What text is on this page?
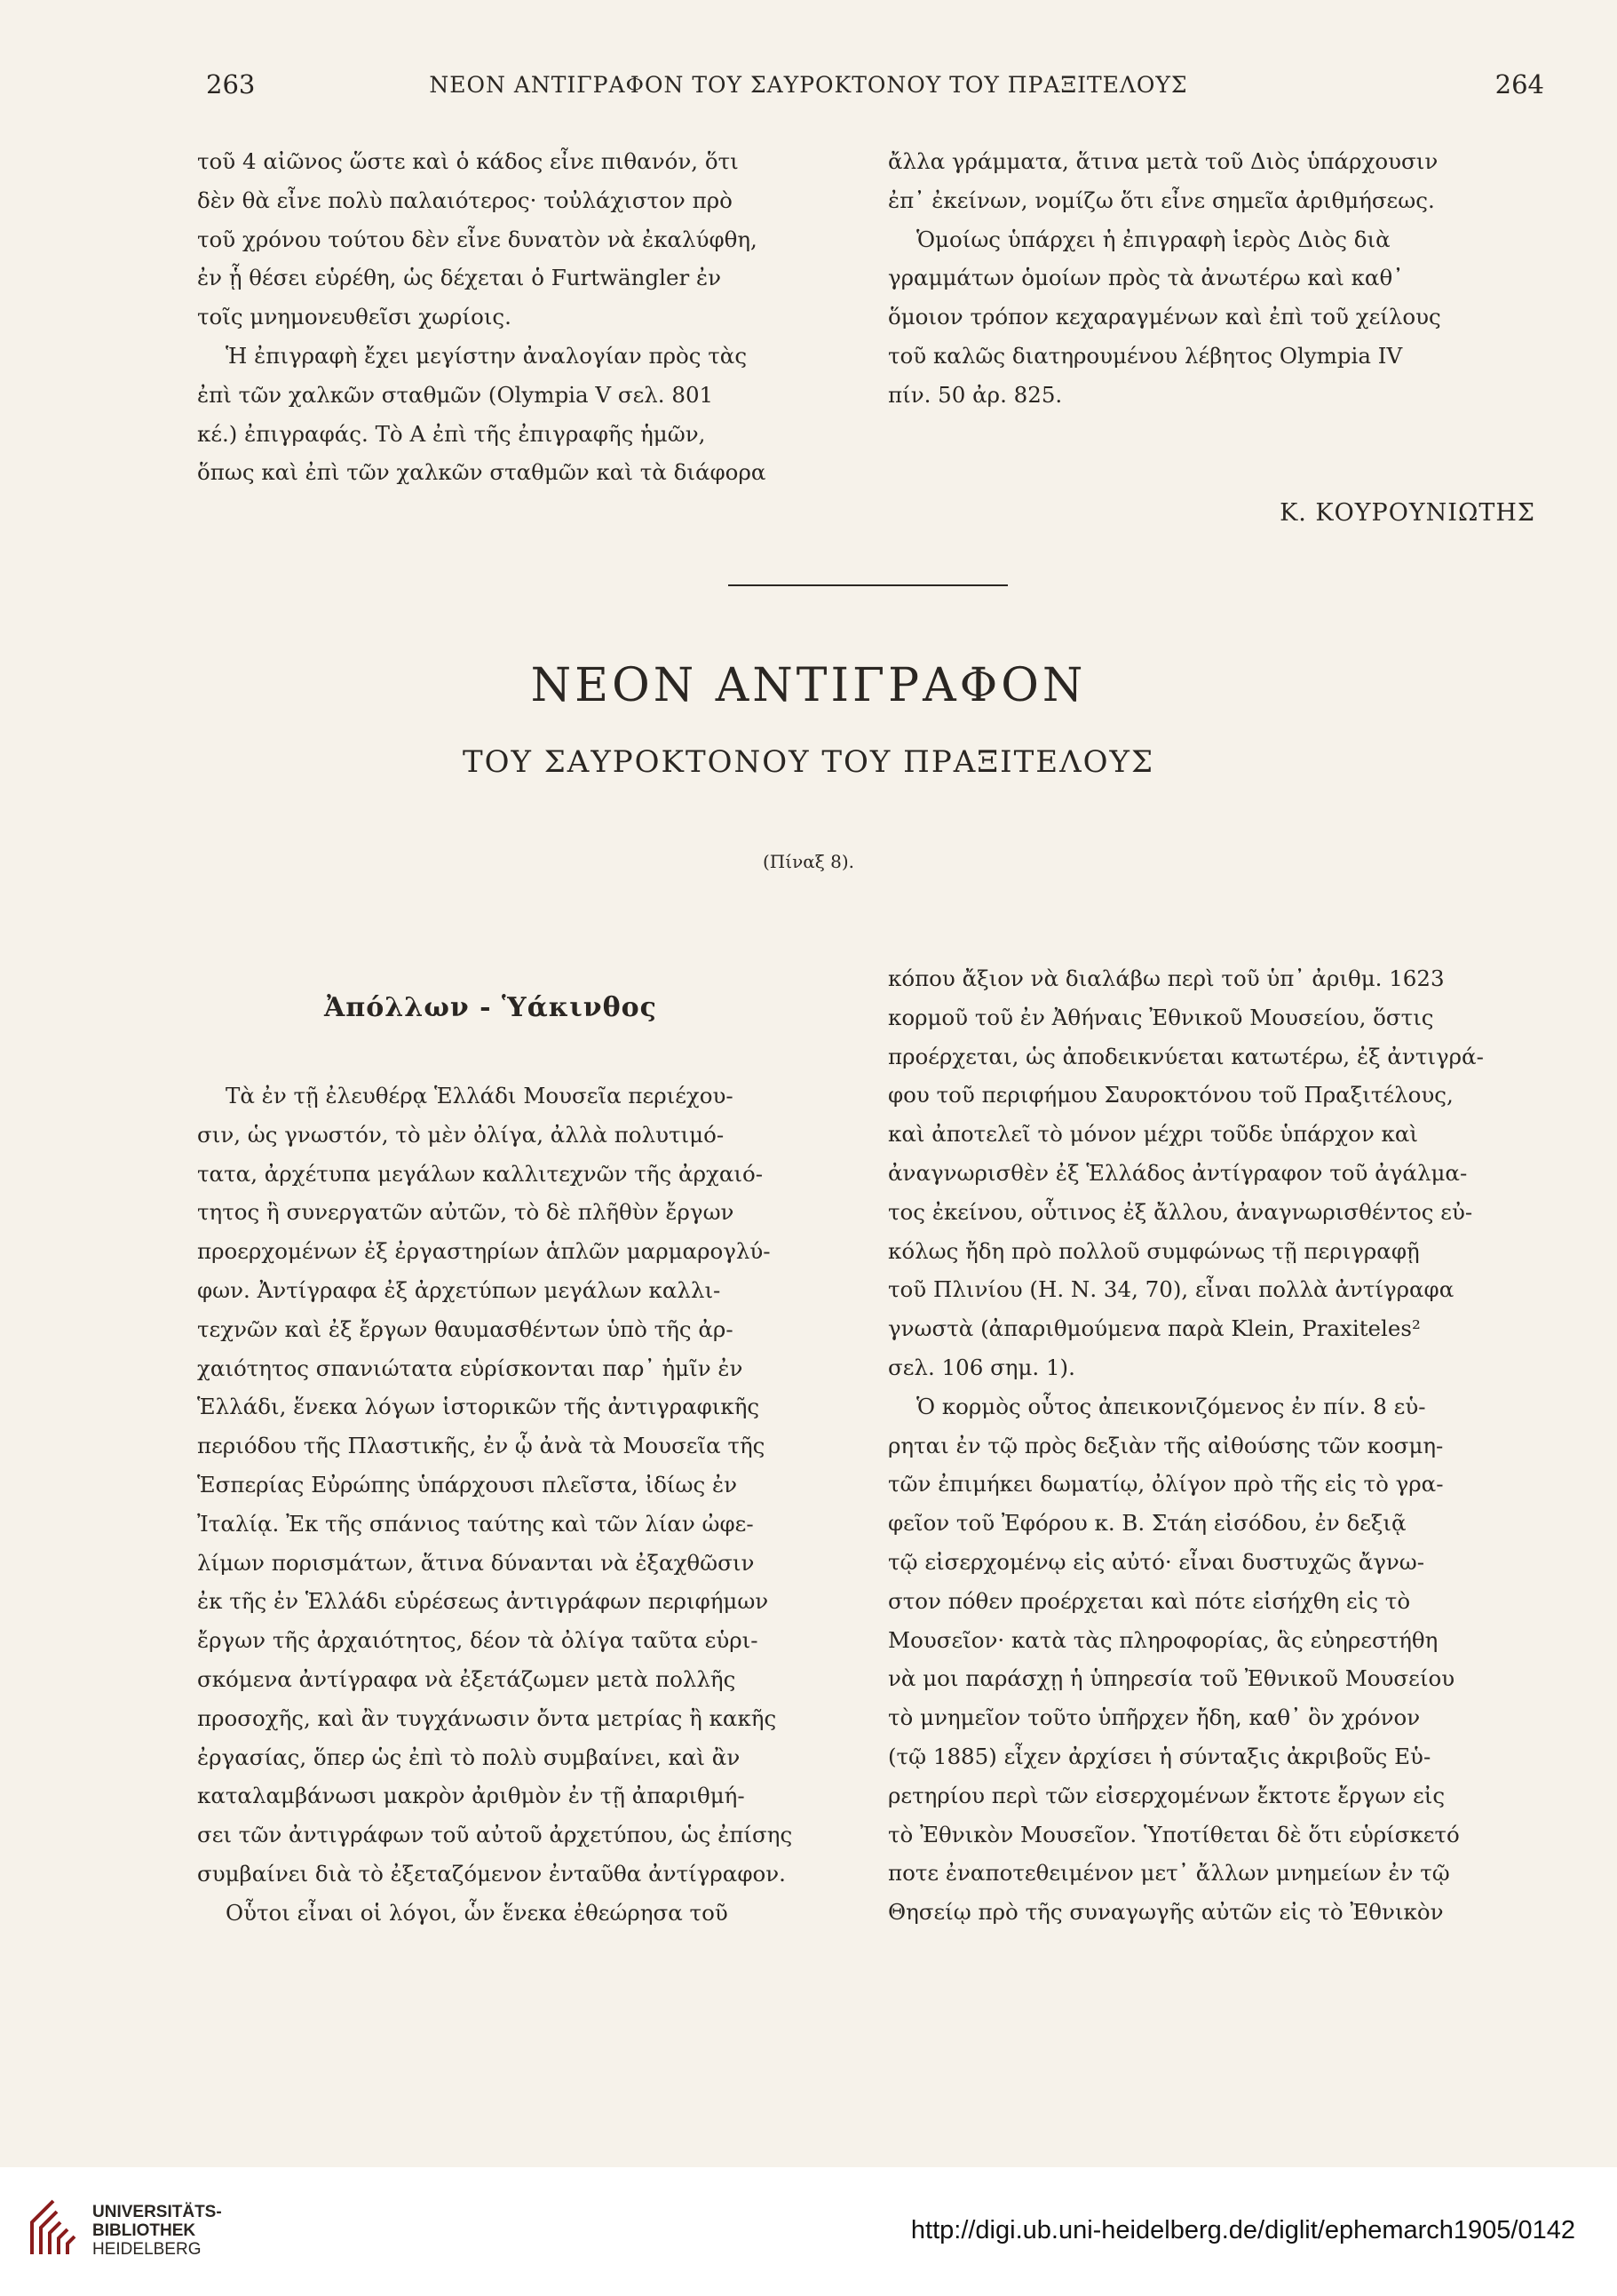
263	ΝΕΟΝ ΑΝΤΙΓΡΑΦΟΝ ΤΟΥ ΣΑΥΡΟΚΤΟΝΟΥ ΤΟΥ ΠΡΑΞΙΤΕΛΟΥΣ	264

τοῦ 4 αἰῶνος ὥστε καὶ ὁ κάδος εἶνε πιθανόν, ὅτι

δὲν θὰ εἶνε πολὺ παλαιότερος· τοὐλάχιστον πρὸ

τοῦ χρόνου τούτου δὲν εἶνε δυνατὸν νὰ ἐκαλύφθη,

ἐν ᾗ θέσει εὑρέθη, ὡς δέχεται ὁ Furtwängler ἐν

τοῖς μνημονευθεῖσι χωρίοις.

Ἡ ἐπιγραφὴ ἔχει μεγίστην ἀναλογίαν πρὸς τὰς

ἐπὶ τῶν χαλκῶν σταθμῶν (Olympia V σελ. 801

κέ.) ἐπιγραφάς. Τὸ Α ἐπὶ τῆς ἐπιγραφῆς ἡμῶν,

ὅπως καὶ ἐπὶ τῶν χαλκῶν σταθμῶν καὶ τὰ διάφορα

ἄλλα γράμματα, ἅτινα μετὰ τοῦ Διὸς ὑπάρχουσιν

ἐπ᾿ ἐκείνων, νομίζω ὅτι εἶνε σημεῖα ἀριθμήσεως.

Ὁμοίως ὑπάρχει ἡ ἐπιγραφὴ ἱερὸς Διὸς διὰ

γραμμάτων ὁμοίων πρὸς τὰ ἀνωτέρω καὶ καθ᾿

ὅμοιον τρόπον κεχαραγμένων καὶ ἐπὶ τοῦ χείλους

τοῦ καλῶς διατηρουμένου λέβητος Olympia IV

πίν. 50 ἀρ. 825.

Κ. ΚΟΥΡΟΥΝΙΩΤΗΣ
ΝΕΟΝ ΑΝΤΙΓΡΑΦΟΝ
ΤΟΥ ΣΑΥΡΟΚΤΟΝΟΥ ΤΟΥ ΠΡΑΞΙΤΕΛΟΥΣ
(Πίναξ 8).
Ἀπόλλων - Ὑάκινθος

Τὰ ἐν τῇ ἐλευθέρᾳ Ἑλλάδι Μουσεῖα περιέχου-

σιν, ὡς γνωστόν, τὸ μὲν ὀλίγα, ἀλλὰ πολυτιμό-

τατα, ἀρχέτυπα μεγάλων καλλιτεχνῶν τῆς ἀρχαιό-

τητος ἢ συνεργατῶν αὐτῶν, τὸ δὲ πλῆθὺν ἔργων

προερχομένων ἐξ ἐργαστηρίων ἁπλῶν μαρμαρογλύ-

φων. Ἀντίγραφα ἐξ ἀρχετύπων μεγάλων καλλι-

τεχνῶν καὶ ἐξ ἔργων θαυμασθέντων ὑπὸ τῆς ἀρ-

χαιότητος σπανιώτατα εὑρίσκονται παρ᾿ ἡμῖν ἐν

Ἑλλάδι, ἕνεκα λόγων ἱστορικῶν τῆς ἀντιγραφικῆς

περιόδου τῆς Πλαστικῆς, ἐν ᾧ ἀνὰ τὰ Μουσεῖα τῆς

Ἑσπερίας Εὐρώπης ὑπάρχουσι πλεῖστα, ἰδίως ἐν

Ἰταλίᾳ. Ἐκ τῆς σπάνιος ταύτης καὶ τῶν λίαν ὠφε-

λίμων πορισμάτων, ἅτινα δύνανται νὰ ἐξαχθῶσιν

ἐκ τῆς ἐν Ἑλλάδι εὑρέσεως ἀντιγράφων περιφήμων

ἔργων τῆς ἀρχαιότητος, δέον τὰ ὀλίγα ταῦτα εὑρι-

σκόμενα ἀντίγραφα νὰ ἐξετάζωμεν μετὰ πολλῆς

προσοχῆς, καὶ ἂν τυγχάνωσιν ὄντα μετρίας ἢ κακῆς

ἐργασίας, ὅπερ ὡς ἐπὶ τὸ πολὺ συμβαίνει, καὶ ἂν

καταλαμβάνωσι μακρὸν ἀριθμὸν ἐν τῇ ἀπαριθμή-

σει τῶν ἀντιγράφων τοῦ αὐτοῦ ἀρχετύπου, ὡς ἐπίσης

συμβαίνει διὰ τὸ ἐξεταζόμενον ἐνταῦθα ἀντίγραφον.

Οὗτοι εἶναι οἱ λόγοι, ὧν ἕνεκα ἐθεώρησα τοῦ

κόπου ἄξιον νὰ διαλάβω περὶ τοῦ ὑπ᾿ ἀριθμ. 1623

κορμοῦ τοῦ ἐν Ἀθήναις Ἐθνικοῦ Μουσείου, ὅστις

προέρχεται, ὡς ἀποδεικνύεται κατωτέρω, ἐξ ἀντιγρά-

φου τοῦ περιφήμου Σαυροκτόνου τοῦ Πραξιτέλους,

καὶ ἀποτελεῖ τὸ μόνον μέχρι τοῦδε ὑπάρχον καὶ

ἀναγνωρισθὲν ἐξ Ἑλλάδος ἀντίγραφον τοῦ ἀγάλμα-

τος ἐκείνου, οὗτινος ἐξ ἄλλου, ἀναγνωρισθέντος εὐ-

κόλως ἤδη πρὸ πολλοῦ συμφώνως τῇ περιγραφῇ

τοῦ Πλινίου (Η. Ν. 34, 70), εἶναι πολλὰ ἀντίγραφα

γνωστὰ (ἀπαριθμούμενα παρὰ Klein, Praxiteles²

σελ. 106 σημ. 1).

Ὁ κορμὸς οὗτος ἀπεικονιζόμενος ἐν πίν. 8 εὑ-

ρηται ἐν τῷ πρὸς δεξιὰν τῆς αἰθούσης τῶν κοσμη-

τῶν ἐπιμήκει δωματίῳ, ὀλίγον πρὸ τῆς εἰς τὸ γρα-

φεῖον τοῦ Ἐφόρου κ. Β. Στάη εἰσόδου, ἐν δεξιᾷ

τῷ εἰσερχομένῳ εἰς αὐτό· εἶναι δυστυχῶς ἄγνω-

στον πόθεν προέρχεται καὶ πότε εἰσήχθη εἰς τὸ

Μουσεῖον· κατὰ τὰς πληροφορίας, ἃς εὐηρεστήθη

νὰ μοι παράσχῃ ἡ ὑπηρεσία τοῦ Ἐθνικοῦ Μουσείου

τὸ μνημεῖον τοῦτο ὑπῆρχεν ἤδη, καθ᾿ ὃν χρόνον

(τῷ 1885) εἶχεν ἀρχίσει ἡ σύνταξις ἀκριβοῦς Εὑ-

ρετηρίου περὶ τῶν εἰσερχομένων ἔκτοτε ἔργων εἰς

τὸ Ἐθνικὸν Μουσεῖον. Ὑποτίθεται δὲ ὅτι εὑρίσκετό

ποτε ἐναποτεθειμένον μετ᾿ ἄλλων μνημείων ἐν τῷ

Θησείῳ πρὸ τῆς συναγωγῆς αὐτῶν εἰς τὸ Ἐθνικὸν

UNIVERSITÄTS-
BIBLIOTHEK
HEIDELBERG
http://digi.ub.uni-heidelberg.de/diglit/ephemarch1905/0142
